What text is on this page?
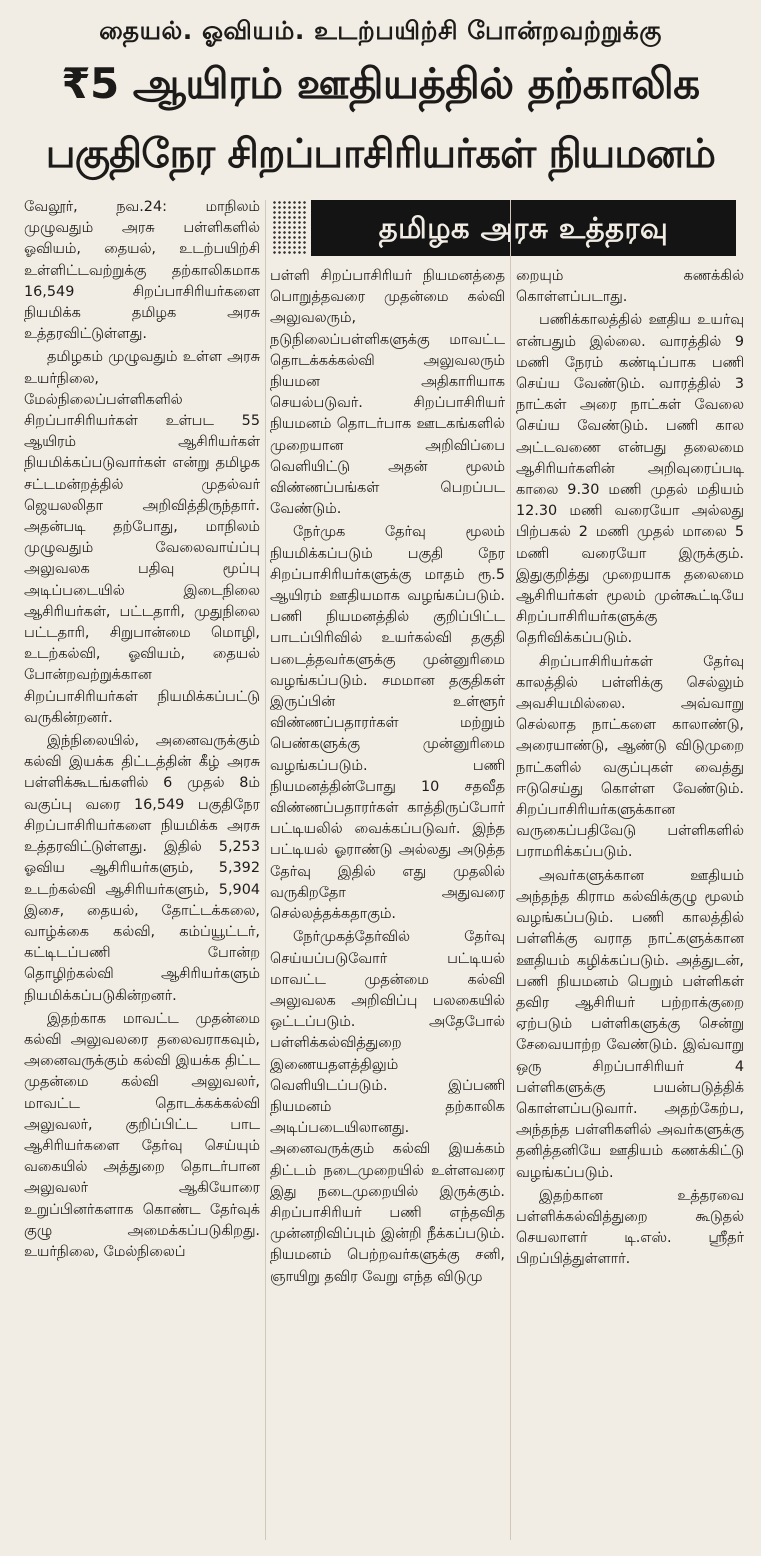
தையல். ஓவியம். உடற்பயிற்சி போன்றவற்றுக்கு
₹5 ஆயிரம் ஊதியத்தில் தற்காலிக
பகுதிநேர சிறப்பாசிரியர்கள் நியமனம்
தமிழக அரசு உத்தரவு

வேலூர், நவ.24: மாநிலம் முழுவதும் அரசு பள்ளிகளில் ஓவியம், தையல், உடற்பயிற்சி உள்ளிட்டவற்றுக்கு தற்காலிகமாக 16,549 சிறப்பாசிரியர்களை நியமிக்க தமிழக அரசு உத்தரவிட்டுள்ளது.

தமிழகம் முழுவதும் உள்ள அரசு உயர்நிலை, மேல்நிலைப்பள்ளிகளில் சிறப்பாசிரியர்கள் உள்பட 55 ஆயிரம் ஆசிரியர்கள் நியமிக்கப்படுவார்கள் என்று தமிழக சட்டமன்றத்தில் முதல்வர் ஜெயலலிதா அறிவித்திருந்தார். அதன்படி தற்போது, மாநிலம் முழுவதும் வேலைவாய்ப்பு அலுவலக பதிவு மூப்பு அடிப்படையில் இடைநிலை ஆசிரியர்கள், பட்டதாரி, முதுநிலை பட்டதாரி, சிறுபான்மை மொழி, உடற்கல்வி, ஓவியம், தையல் போன்றவற்றுக்கான சிறப்பாசிரியர்கள் நியமிக்கப்பட்டு வருகின்றனர்.

இந்நிலையில், அனைவருக்கும் கல்வி இயக்க திட்டத்தின் கீழ் அரசு பள்ளிக்கூடங்களில் 6 முதல் 8ம் வகுப்பு வரை 16,549 பகுதிநேர சிறப்பாசிரியர்களை நியமிக்க அரசு உத்தரவிட்டுள்ளது. இதில் 5,253 ஓவிய ஆசிரியர்களும், 5,392 உடற்கல்வி ஆசிரியர்களும், 5,904 இசை, தையல், தோட்டக்கலை, வாழ்க்கை கல்வி, கம்ப்யூட்டர், கட்டிடப்பணி போன்ற தொழிற்கல்வி ஆசிரியர்களும் நியமிக்கப்படுகின்றனர்.

இதற்காக மாவட்ட முதன்மை கல்வி அலுவலரை தலைவராகவும், அனைவருக்கும் கல்வி இயக்க திட்ட முதன்மை கல்வி அலுவலர், மாவட்ட தொடக்கக்கல்வி அலுவலர், குறிப்பிட்ட பாட ஆசிரியர்களை தேர்வு செய்யும் வகையில் அத்துறை தொடர்பான அலுவலர் ஆகியோரை உறுப்பினர்களாக கொண்ட தேர்வுக் குழு அமைக்கப்படுகிறது. உயர்நிலை, மேல்நிலைப்

பள்ளி சிறப்பாசிரியர் நியமனத்தை பொறுத்தவரை முதன்மை கல்வி அலுவலரும், நடுநிலைப்பள்ளிகளுக்கு மாவட்ட தொடக்கக்கல்வி அலுவலரும் நியமன அதிகாரியாக செயல்படுவர். சிறப்பாசிரியர் நியமனம் தொடர்பாக ஊடகங்களில் முறையான அறிவிப்பை வெளியிட்டு அதன் மூலம் விண்ணப்பங்கள் பெறப்பட வேண்டும்.

நேர்முக தேர்வு மூலம் நியமிக்கப்படும் பகுதி நேர சிறப்பாசிரியர்களுக்கு மாதம் ரூ.5 ஆயிரம் ஊதியமாக வழங்கப்படும். பணி நியமனத்தில் குறிப்பிட்ட பாடப்பிரிவில் உயர்கல்வி தகுதி படைத்தவர்களுக்கு முன்னுரிமை வழங்கப்படும். சமமான தகுதிகள் இருப்பின் உள்ளூர் விண்ணப்பதாரர்கள் மற்றும் பெண்களுக்கு முன்னுரிமை வழங்கப்படும். பணி நியமனத்தின்போது 10 சதவீத விண்ணப்பதாரர்கள் காத்திருப்போர் பட்டியலில் வைக்கப்படுவர். இந்த பட்டியல் ஓராண்டு அல்லது அடுத்த தேர்வு இதில் எது முதலில் வருகிறதோ அதுவரை செல்லத்தக்கதாகும்.

நேர்முகத்தேர்வில் தேர்வு செய்யப்படுவோர் பட்டியல் மாவட்ட முதன்மை கல்வி அலுவலக அறிவிப்பு பலகையில் ஒட்டப்படும். அதேபோல் பள்ளிக்கல்வித்துறை இணையதளத்திலும் வெளியிடப்படும். இப்பணி நியமனம் தற்காலிக அடிப்படையிலானது. அனைவருக்கும் கல்வி இயக்கம் திட்டம் நடைமுறையில் உள்ளவரை இது நடைமுறையில் இருக்கும். சிறப்பாசிரியர் பணி எந்தவித முன்னறிவிப்பும் இன்றி நீக்கப்படும். நியமனம் பெற்றவர்களுக்கு சனி, ஞாயிறு தவிர வேறு எந்த விடுமு

றையும் கணக்கில் கொள்ளப்படாது.

பணிக்காலத்தில் ஊதிய உயர்வு என்பதும் இல்லை. வாரத்தில் 9 மணி நேரம் கண்டிப்பாக பணி செய்ய வேண்டும். வாரத்தில் 3 நாட்கள் அரை நாட்கள் வேலை செய்ய வேண்டும். பணி கால அட்டவணை என்பது தலைமை ஆசிரியர்களின் அறிவுரைப்படி காலை 9.30 மணி முதல் மதியம் 12.30 மணி வரையோ அல்லது பிற்பகல் 2 மணி முதல் மாலை 5 மணி வரையோ இருக்கும். இதுகுறித்து முறையாக தலைமை ஆசிரியர்கள் மூலம் முன்கூட்டியே சிறப்பாசிரியர்களுக்கு தெரிவிக்கப்படும்.

சிறப்பாசிரியர்கள் தேர்வு காலத்தில் பள்ளிக்கு செல்லும் அவசியமில்லை. அவ்வாறு செல்லாத நாட்களை காலாண்டு, அரையாண்டு, ஆண்டு விடுமுறை நாட்களில் வகுப்புகள் வைத்து ஈடுசெய்து கொள்ள வேண்டும். சிறப்பாசிரியர்களுக்கான வருகைப்பதிவேடு பள்ளிகளில் பராமரிக்கப்படும்.

அவர்களுக்கான ஊதியம் அந்தந்த கிராம கல்விக்குழு மூலம் வழங்கப்படும். பணி காலத்தில் பள்ளிக்கு வராத நாட்களுக்கான ஊதியம் கழிக்கப்படும். அத்துடன், பணி நியமனம் பெறும் பள்ளிகள் தவிர ஆசிரியர் பற்றாக்குறை ஏற்படும் பள்ளிகளுக்கு சென்று சேவையாற்ற வேண்டும். இவ்வாறு ஒரு சிறப்பாசிரியர் 4 பள்ளிகளுக்கு பயன்படுத்திக் கொள்ளப்படுவார். அதற்கேற்ப, அந்தந்த பள்ளிகளில் அவர்களுக்கு தனித்தனியே ஊதியம் கணக்கிட்டு வழங்கப்படும்.

இதற்கான உத்தரவை பள்ளிக்கல்வித்துறை கூடுதல் செயலாளர் டி.எஸ். ஸ்ரீதர் பிறப்பித்துள்ளார்.
